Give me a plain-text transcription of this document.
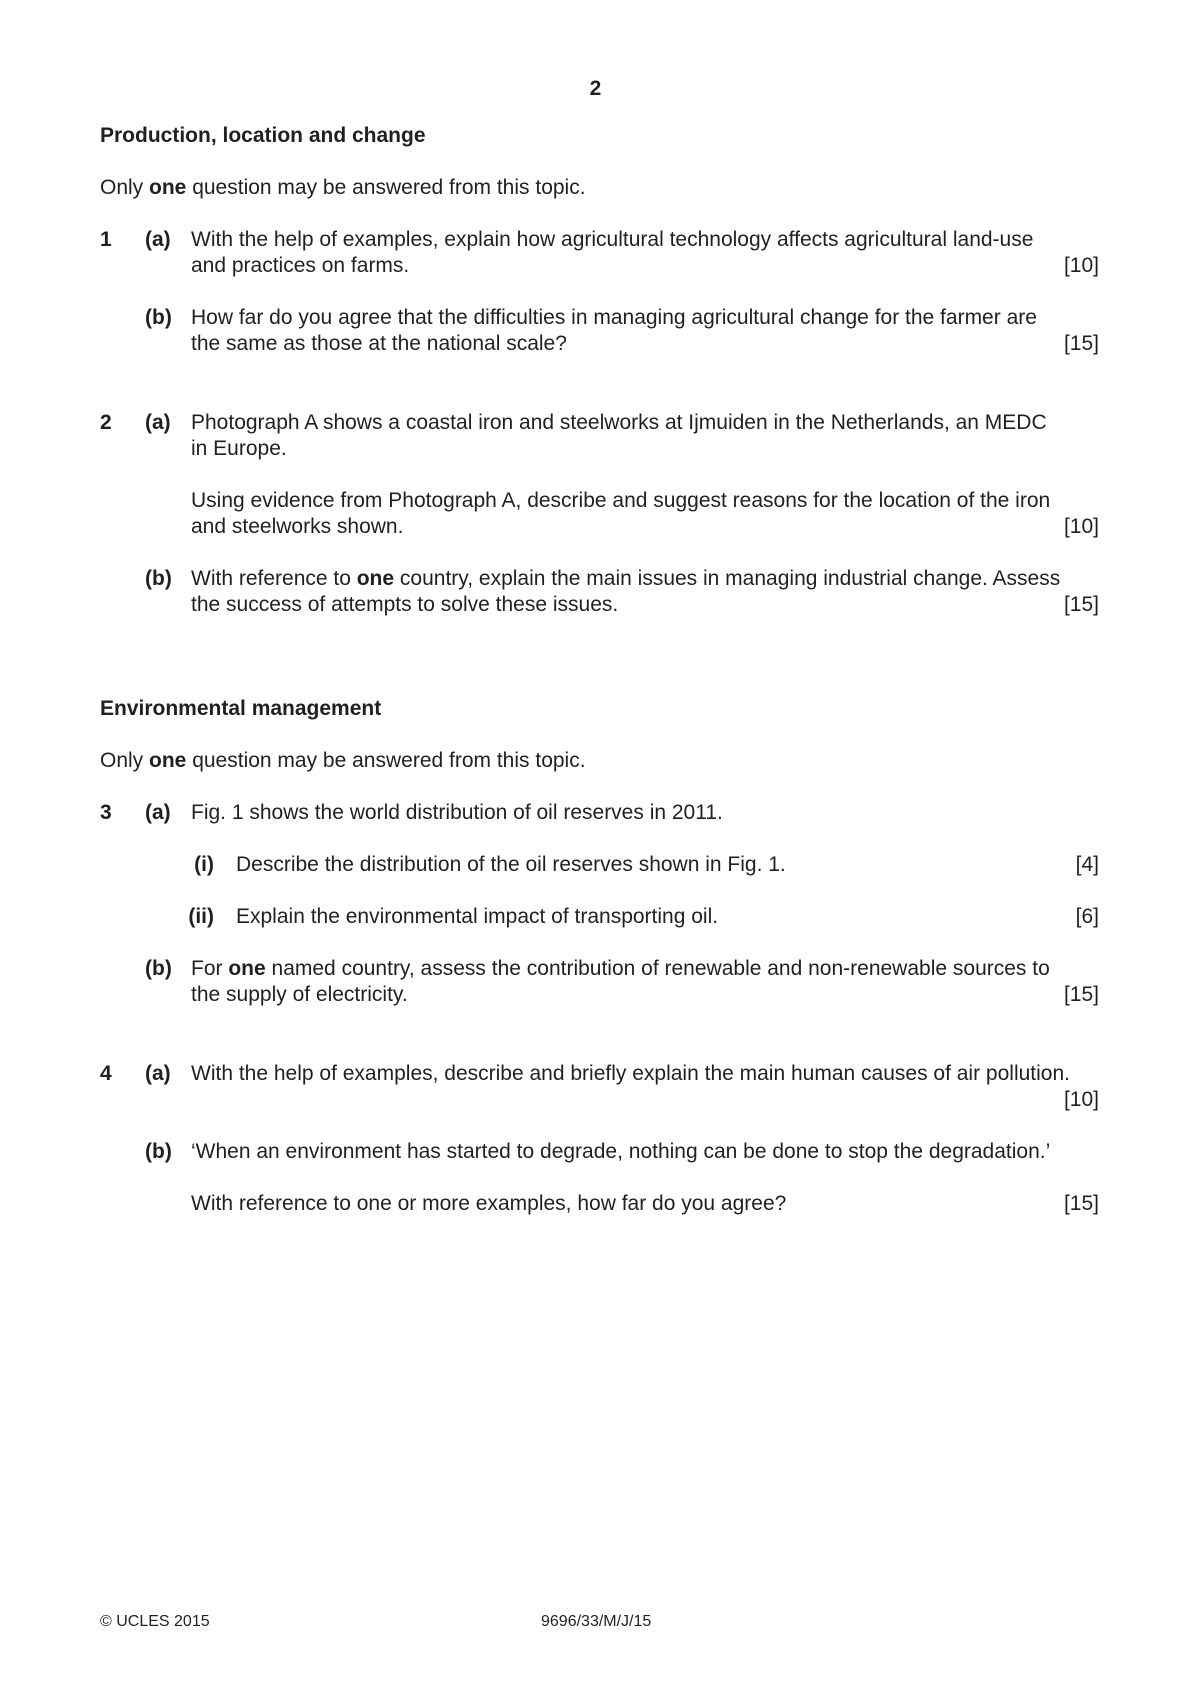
2
Production, location and change
Only one question may be answered from this topic.
1 (a) With the help of examples, explain how agricultural technology affects agricultural land-use
and practices on farms.	[10]
(b) How far do you agree that the difficulties in managing agricultural change for the farmer are
the same as those at the national scale?	[15]
2 (a) Photograph A shows a coastal iron and steelworks at Ijmuiden in the Netherlands, an MEDC
in Europe.
Using evidence from Photograph A, describe and suggest reasons for the location of the iron
and steelworks shown.	[10]
(b) With reference to one country, explain the main issues in managing industrial change. Assess
the success of attempts to solve these issues.	[15]
Environmental management
Only one question may be answered from this topic.
3 (a) Fig. 1 shows the world distribution of oil reserves in 2011.
(i) Describe the distribution of the oil reserves shown in Fig. 1.	[4]
(ii) Explain the environmental impact of transporting oil.	[6]
(b) For one named country, assess the contribution of renewable and non-renewable sources to
the supply of electricity.	[15]
4 (a) With the help of examples, describe and briefly explain the main human causes of air pollution.
[10]
(b) ‘When an environment has started to degrade, nothing can be done to stop the degradation.’
With reference to one or more examples, how far do you agree?	[15]
© UCLES 2015	9696/33/M/J/15
